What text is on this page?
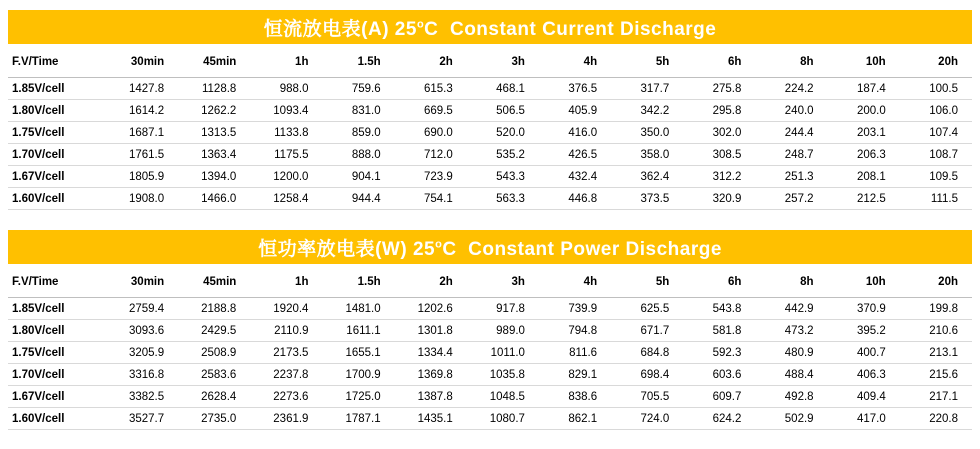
恒流放电表(A) 25$^o$C Constant Current Discharge
F.V/Time	30min	45min	1h	1.5h	2h	3h	4h	5h	6h	8h	10h	20h
1.85V/cell	1427.8	1128.8	988.0	759.6	615.3	468.1	376.5	317.7	275.8	224.2	187.4	100.5
1.80V/cell	1614.2	1262.2	1093.4	831.0	669.5	506.5	405.9	342.2	295.8	240.0	200.0	106.0
1.75V/cell	1687.1	1313.5	1133.8	859.0	690.0	520.0	416.0	350.0	302.0	244.4	203.1	107.4
1.70V/cell	1761.5	1363.4	1175.5	888.0	712.0	535.2	426.5	358.0	308.5	248.7	206.3	108.7
1.67V/cell	1805.9	1394.0	1200.0	904.1	723.9	543.3	432.4	362.4	312.2	251.3	208.1	109.5
1.60V/cell	1908.0	1466.0	1258.4	944.4	754.1	563.3	446.8	373.5	320.9	257.2	212.5	111.5
恒功率放电表(W) 25$^o$C Constant Power Discharge
F.V/Time	30min	45min	1h	1.5h	2h	3h	4h	5h	6h	8h	10h	20h
1.85V/cell	2759.4	2188.8	1920.4	1481.0	1202.6	917.8	739.9	625.5	543.8	442.9	370.9	199.8
1.80V/cell	3093.6	2429.5	2110.9	1611.1	1301.8	989.0	794.8	671.7	581.8	473.2	395.2	210.6
1.75V/cell	3205.9	2508.9	2173.5	1655.1	1334.4	1011.0	811.6	684.8	592.3	480.9	400.7	213.1
1.70V/cell	3316.8	2583.6	2237.8	1700.9	1369.8	1035.8	829.1	698.4	603.6	488.4	406.3	215.6
1.67V/cell	3382.5	2628.4	2273.6	1725.0	1387.8	1048.5	838.6	705.5	609.7	492.8	409.4	217.1
1.60V/cell	3527.7	2735.0	2361.9	1787.1	1435.1	1080.7	862.1	724.0	624.2	502.9	417.0	220.8
